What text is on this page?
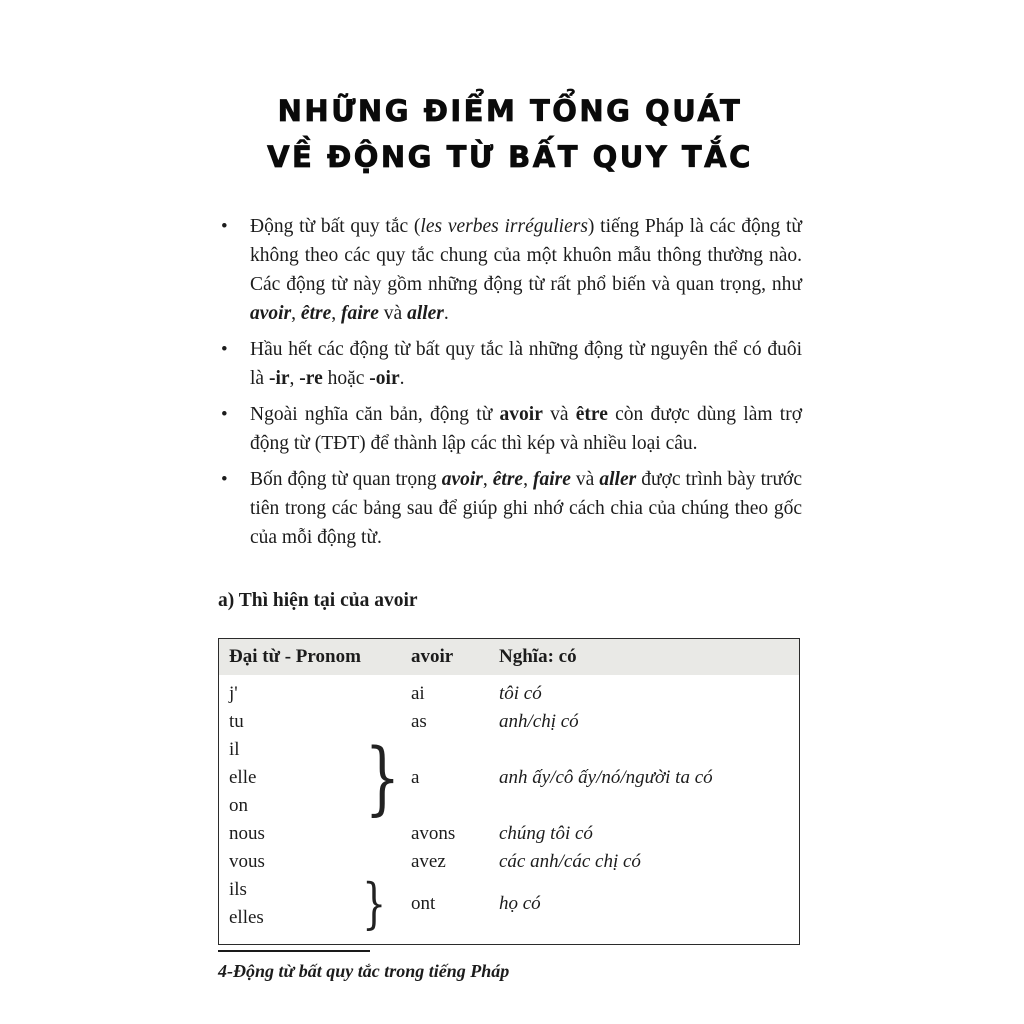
NHỮNG ĐIỂM TỔNG QUÁT
VỀ ĐỘNG TỪ BẤT QUY TẮC
•	Động từ bất quy tắc (les verbes irréguliers) tiếng Pháp là các động từ không theo các quy tắc chung của một khuôn mẫu thông thường nào. Các động từ này gồm những động từ rất phổ biến và quan trọng, như avoir, être, faire và aller.
•	Hầu hết các động từ bất quy tắc là những động từ nguyên thể có đuôi là -ir, -re hoặc -oir.
•	Ngoài nghĩa căn bản, động từ avoir và être còn được dùng làm trợ động từ (TĐT) để thành lập các thì kép và nhiều loại câu.
•	Bốn động từ quan trọng avoir, être, faire và aller được trình bày trước tiên trong các bảng sau để giúp ghi nhớ cách chia của chúng theo gốc của mỗi động từ.
a) Thì hiện tại của avoir
Đại từ - Pronom	avoir	Nghĩa: có
j'	ai	tôi có
tu	as	anh/chị có
il
elle
on	} a	anh ấy/cô ấy/nó/người ta có
nous	avons	chúng tôi có
vous	avez	các anh/các chị có
ils
elles	} ont	họ có
4-Động từ bất quy tắc trong tiếng Pháp
